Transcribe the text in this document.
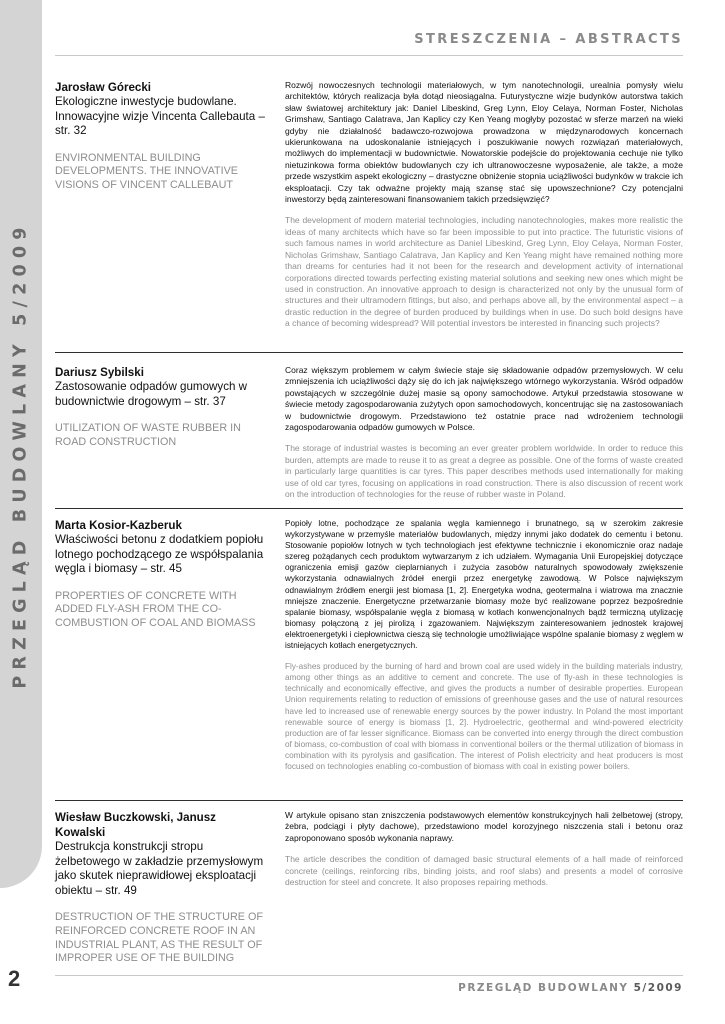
PRZEGLĄD BUDOWLANY 5/2009
2
STRESZCZENIA – ABSTRACTS
Jarosław Górecki
Ekologiczne inwestycje budowlane. Innowacyjne wizje Vincenta Callebauta – str. 32
ENVIRONMENTAL BUILDING DEVELOPMENTS. THE INNOVATIVE VISIONS OF VINCENT CALLEBAUT
Rozwój nowoczesnych technologii materiałowych, w tym nanotechnologii, urealnia pomysły wielu architektów, których realizacja była dotąd nieosiągalna. Futurystyczne wizje budynków autorstwa takich sław światowej architektury jak: Daniel Libeskind, Greg Lynn, Eloy Celaya, Norman Foster, Nicholas Grimshaw, Santiago Calatrava, Jan Kaplicy czy Ken Yeang mogłyby pozostać w sferze marzeń na wieki gdyby nie działalność badawczo-rozwojowa prowadzona w międzynarodowych koncernach ukierunkowana na udoskonalanie istniejących i poszukiwanie nowych rozwiązań materiałowych, możliwych do implementacji w budownictwie. Nowatorskie podejście do projektowania cechuje nie tylko nietuzinkowa forma obiektów budowlanych czy ich ultranowoczesne wyposażenie, ale także, a może przede wszystkim aspekt ekologiczny – drastyczne obniżenie stopnia uciążliwości budynków w trakcie ich eksploatacji. Czy tak odważne projekty mają szansę stać się upowszechnione? Czy potencjalni inwestorzy będą zainteresowani finansowaniem takich przedsięwzięć?
The development of modern material technologies, including nanotechnologies, makes more realistic the ideas of many architects which have so far been impossible to put into practice. The futuristic visions of such famous names in world architecture as Daniel Libeskind, Greg Lynn, Eloy Celaya, Norman Foster, Nicholas Grimshaw, Santiago Calatrava, Jan Kaplicy and Ken Yeang might have remained nothing more than dreams for centuries had it not been for the research and development activity of international corporations directed towards perfecting existing material solutions and seeking new ones which might be used in construction. An innovative approach to design is characterized not only by the unusual form of structures and their ultramodern fittings, but also, and perhaps above all, by the environmental aspect – a drastic reduction in the degree of burden produced by buildings when in use. Do such bold designs have a chance of becoming widespread? Will potential investors be interested in financing such projects?
Dariusz Sybilski
Zastosowanie odpadów gumowych w budownictwie drogowym – str. 37
UTILIZATION OF WASTE RUBBER IN ROAD CONSTRUCTION
Coraz większym problemem w całym świecie staje się składowanie odpadów przemysłowych. W celu zmniejszenia ich uciążliwości dąży się do ich jak największego wtórnego wykorzystania. Wśród odpadów powstających w szczególnie dużej masie są opony samochodowe. Artykuł przedstawia stosowane w świecie metody zagospodarowania zużytych opon samochodowych, koncentrując się na zastosowaniach w budownictwie drogowym. Przedstawiono też ostatnie prace nad wdrożeniem technologii zagospodarowania odpadów gumowych w Polsce.
The storage of industrial wastes is becoming an ever greater problem worldwide. In order to reduce this burden, attempts are made to reuse it to as great a degree as possible. One of the forms of waste created in particularly large quantities is car tyres. This paper describes methods used internationally for making use of old car tyres, focusing on applications in road construction. There is also discussion of recent work on the introduction of technologies for the reuse of rubber waste in Poland.
Marta Kosior-Kazberuk
Właściwości betonu z dodatkiem popiołu lotnego pochodzącego ze współspalania węgla i biomasy – str. 45
PROPERTIES OF CONCRETE WITH ADDED FLY-ASH FROM THE CO-COMBUSTION OF COAL AND BIOMASS
Popioły lotne, pochodzące ze spalania węgla kamiennego i brunatnego, są w szerokim zakresie wykorzystywane w przemyśle materiałów budowlanych, między innymi jako dodatek do cementu i betonu. Stosowanie popiołów lotnych w tych technologiach jest efektywne technicznie i ekonomicznie oraz nadaje szereg pożądanych cech produktom wytwarzanym z ich udziałem. Wymagania Unii Europejskiej dotyczące ograniczenia emisji gazów cieplarnianych i zużycia zasobów naturalnych spowodowały zwiększenie wykorzystania odnawialnych źródeł energii przez energetykę zawodową. W Polsce największym odnawialnym źródłem energii jest biomasa [1, 2]. Energetyka wodna, geotermalna i wiatrowa ma znacznie mniejsze znaczenie. Energetyczne przetwarzanie biomasy może być realizowane poprzez bezpośrednie spalanie biomasy, współspalanie węgla z biomasą w kotłach konwencjonalnych bądź termiczną utylizację biomasy połączoną z jej pirolizą i zgazowaniem. Największym zainteresowaniem jednostek krajowej elektroenergetyki i ciepłownictwa cieszą się technologie umożliwiające wspólne spalanie biomasy z węglem w istniejących kotłach energetycznych.
Fly-ashes produced by the burning of hard and brown coal are used widely in the building materials industry, among other things as an additive to cement and concrete. The use of fly-ash in these technologies is technically and economically effective, and gives the products a number of desirable properties. European Union requirements relating to reduction of emissions of greenhouse gases and the use of natural resources have led to increased use of renewable energy sources by the power industry. In Poland the most important renewable source of energy is biomass [1, 2]. Hydroelectric, geothermal and wind-powered electricity production are of far lesser significance. Biomass can be converted into energy through the direct combustion of biomass, co-combustion of coal with biomass in conventional boilers or the thermal utilization of biomass in combination with its pyrolysis and gasification. The interest of Polish electricity and heat producers is most focused on technologies enabling co-combustion of biomass with coal in existing power boilers.
Wiesław Buczkowski, Janusz Kowalski
Destrukcja konstrukcji stropu żelbetowego w zakładzie przemysłowym jako skutek nieprawidłowej eksploatacji obiektu – str. 49
DESTRUCTION OF THE STRUCTURE OF REINFORCED CONCRETE ROOF IN AN INDUSTRIAL PLANT, AS THE RESULT OF IMPROPER USE OF THE BUILDING
W artykule opisano stan zniszczenia podstawowych elementów konstrukcyjnych hali żelbetowej (stropy, żebra, podciągi i płyty dachowe), przedstawiono model korozyjnego niszczenia stali i betonu oraz zaproponowano sposób wykonania naprawy.
The article describes the condition of damaged basic structural elements of a hall made of reinforced concrete (ceilings, reinforcing ribs, binding joists, and roof slabs) and presents a model of corrosive destruction for steel and concrete. It also proposes repairing methods.
PRZEGLĄD BUDOWLANY 5/2009
